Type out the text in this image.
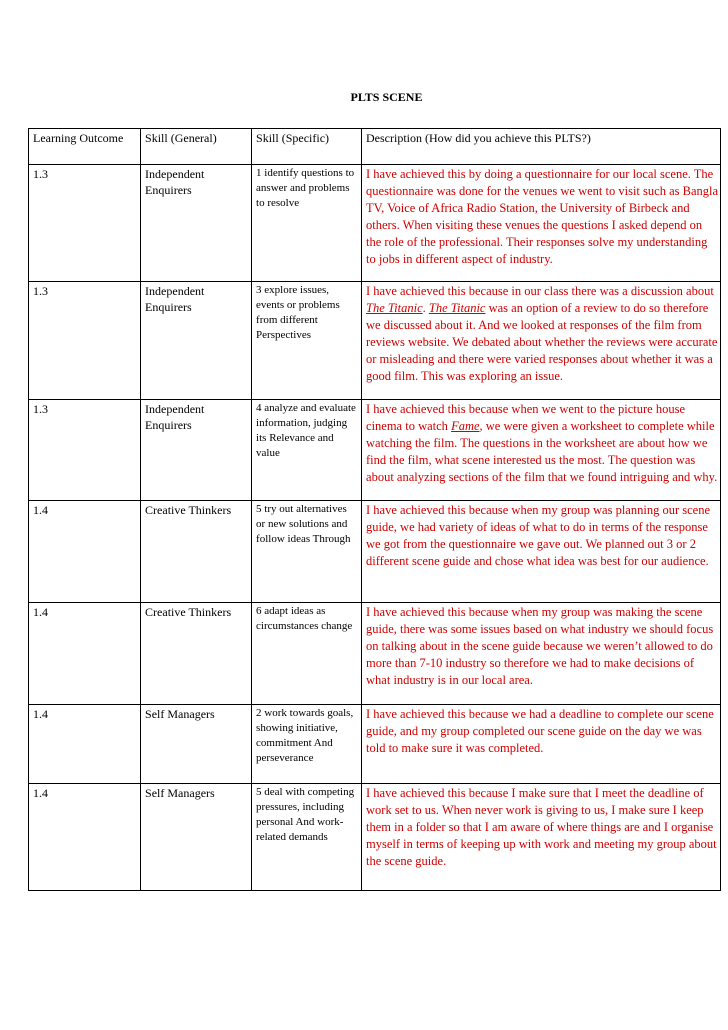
PLTS SCENE
Learning Outcome	Skill (General)	Skill (Specific)	Description (How did you achieve this PLTS?)
1.3	Independent Enquirers	1 identify questions to answer and problems to resolve	I have achieved this by doing a questionnaire for our local scene. The questionnaire was done for the venues we went to visit such as Bangla TV, Voice of Africa Radio Station, the University of Birbeck and others. When visiting these venues the questions I asked depend on the role of the professional. Their responses solve my understanding to jobs in different aspect of industry.
1.3	Independent Enquirers	3 explore issues, events or problems from different Perspectives	I have achieved this because in our class there was a discussion about The Titanic. The Titanic was an option of a review to do so therefore we discussed about it. And we looked at responses of the film from reviews website. We debated about whether the reviews were accurate or misleading and there were varied responses about whether it was a good film. This was exploring an issue.
1.3	Independent Enquirers	4 analyze and evaluate information, judging its Relevance and value	I have achieved this because when we went to the picture house cinema to watch Fame, we were given a worksheet to complete while watching the film. The questions in the worksheet are about how we find the film, what scene interested us the most. The question was about analyzing sections of the film that we found intriguing and why.
1.4	Creative Thinkers	5 try out alternatives or new solutions and follow ideas Through	I have achieved this because when my group was planning our scene guide, we had variety of ideas of what to do in terms of the response we got from the questionnaire we gave out. We planned out 3 or 2 different scene guide and chose what idea was best for our audience.
1.4	Creative Thinkers	6 adapt ideas as circumstances change	I have achieved this because when my group was making the scene guide, there was some issues based on what industry we should focus on talking about in the scene guide because we weren’t allowed to do more than 7-10 industry so therefore we had to make decisions of what industry is in our local area.
1.4	Self Managers	2 work towards goals, showing initiative, commitment And perseverance	I have achieved this because we had a deadline to complete our scene guide, and my group completed our scene guide on the day we was told to make sure it was completed.
1.4	Self Managers	5 deal with competing pressures, including personal And work-related demands	I have achieved this because I make sure that I meet the deadline of work set to us. When never work is giving to us, I make sure I keep them in a folder so that I am aware of where things are and I organise myself in terms of keeping up with work and meeting my group about the scene guide.
